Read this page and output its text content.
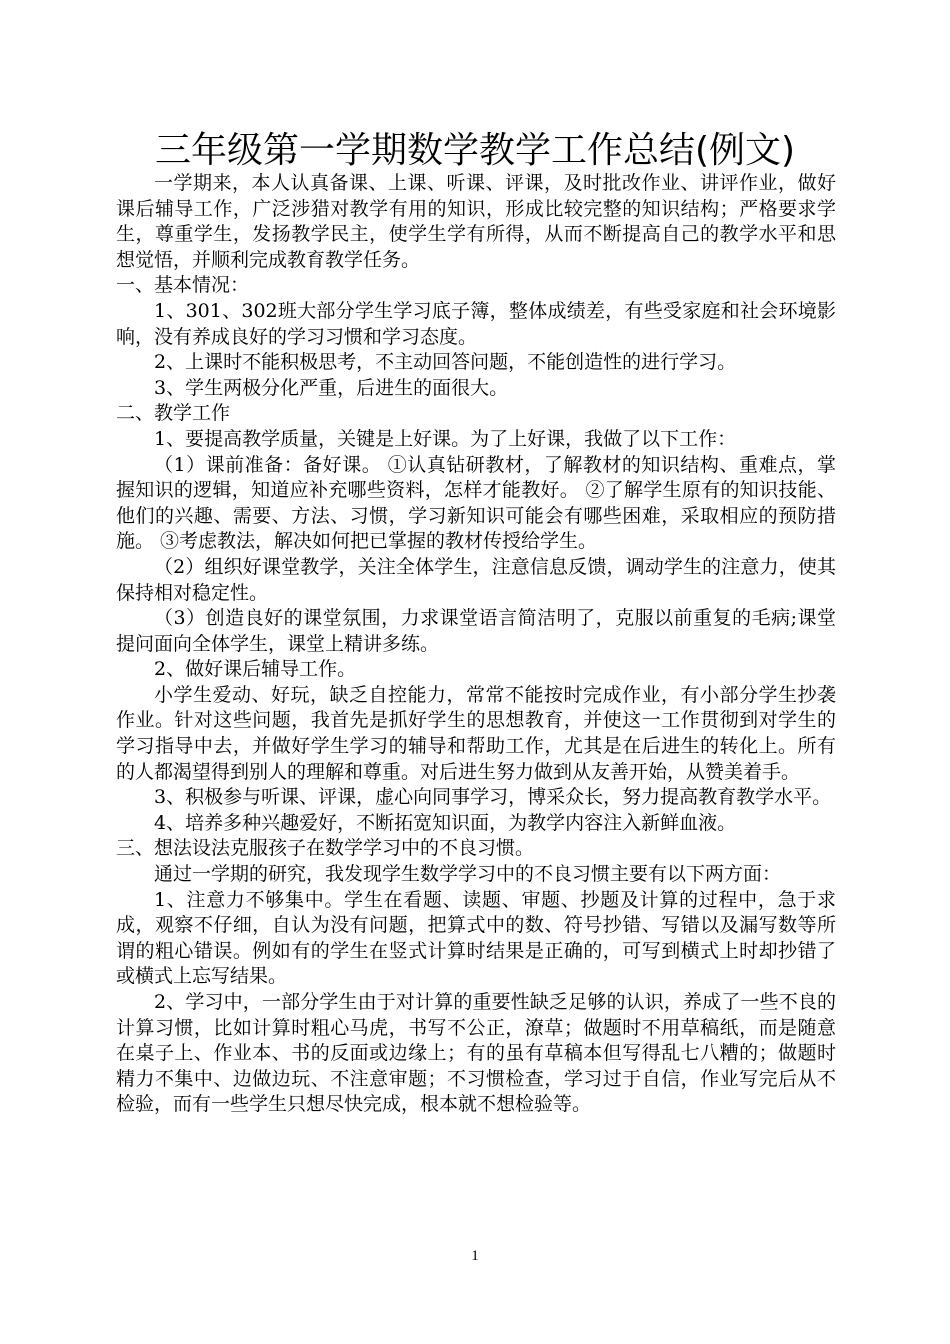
三年级第一学期数学教学工作总结(例文)

一学期来，本人认真备课、上课、听课、评课，及时批改作业、讲评作业，做好课后辅导工作，广泛涉猎对教学有用的知识，形成比较完整的知识结构；严格要求学生，尊重学生，发扬教学民主，使学生学有所得，从而不断提高自己的教学水平和思想觉悟，并顺利完成教育教学任务。

一、基本情况：

1、301、302班大部分学生学习底子簿，整体成绩差，有些受家庭和社会环境影响，没有养成良好的学习习惯和学习态度。

2、上课时不能积极思考，不主动回答问题，不能创造性的进行学习。

3、学生两极分化严重，后进生的面很大。

二、教学工作

1、要提高教学质量，关键是上好课。为了上好课，我做了以下工作：

（1）课前准备：备好课。 ①认真钻研教材，了解教材的知识结构、重难点，掌握知识的逻辑，知道应补充哪些资料，怎样才能教好。 ②了解学生原有的知识技能、他们的兴趣、需要、方法、习惯，学习新知识可能会有哪些困难，采取相应的预防措施。 ③考虑教法，解决如何把已掌握的教材传授给学生。

（2）组织好课堂教学，关注全体学生，注意信息反馈，调动学生的注意力，使其保持相对稳定性。

（3）创造良好的课堂氛围，力求课堂语言简洁明了，克服以前重复的毛病;课堂提问面向全体学生，课堂上精讲多练。

2、做好课后辅导工作。

小学生爱动、好玩，缺乏自控能力，常常不能按时完成作业，有小部分学生抄袭作业。针对这些问题，我首先是抓好学生的思想教育，并使这一工作贯彻到对学生的学习指导中去，并做好学生学习的辅导和帮助工作，尤其是在后进生的转化上。所有的人都渴望得到别人的理解和尊重。对后进生努力做到从友善开始，从赞美着手。

3、积极参与听课、评课，虚心向同事学习，博采众长，努力提高教育教学水平。

4、培养多种兴趣爱好，不断拓宽知识面，为教学内容注入新鲜血液。

三、想法设法克服孩子在数学学习中的不良习惯。

通过一学期的研究，我发现学生数学学习中的不良习惯主要有以下两方面：

1、注意力不够集中。学生在看题、读题、审题、抄题及计算的过程中，急于求成，观察不仔细，自认为没有问题，把算式中的数、符号抄错、写错以及漏写数等所谓的粗心错误。例如有的学生在竖式计算时结果是正确的，可写到横式上时却抄错了或横式上忘写结果。

2、学习中，一部分学生由于对计算的重要性缺乏足够的认识，养成了一些不良的计算习惯，比如计算时粗心马虎，书写不公正，潦草；做题时不用草稿纸，而是随意在桌子上、作业本、书的反面或边缘上；有的虽有草稿本但写得乱七八糟的；做题时精力不集中、边做边玩、不注意审题；不习惯检查，学习过于自信，作业写完后从不检验，而有一些学生只想尽快完成，根本就不想检验等。

1
